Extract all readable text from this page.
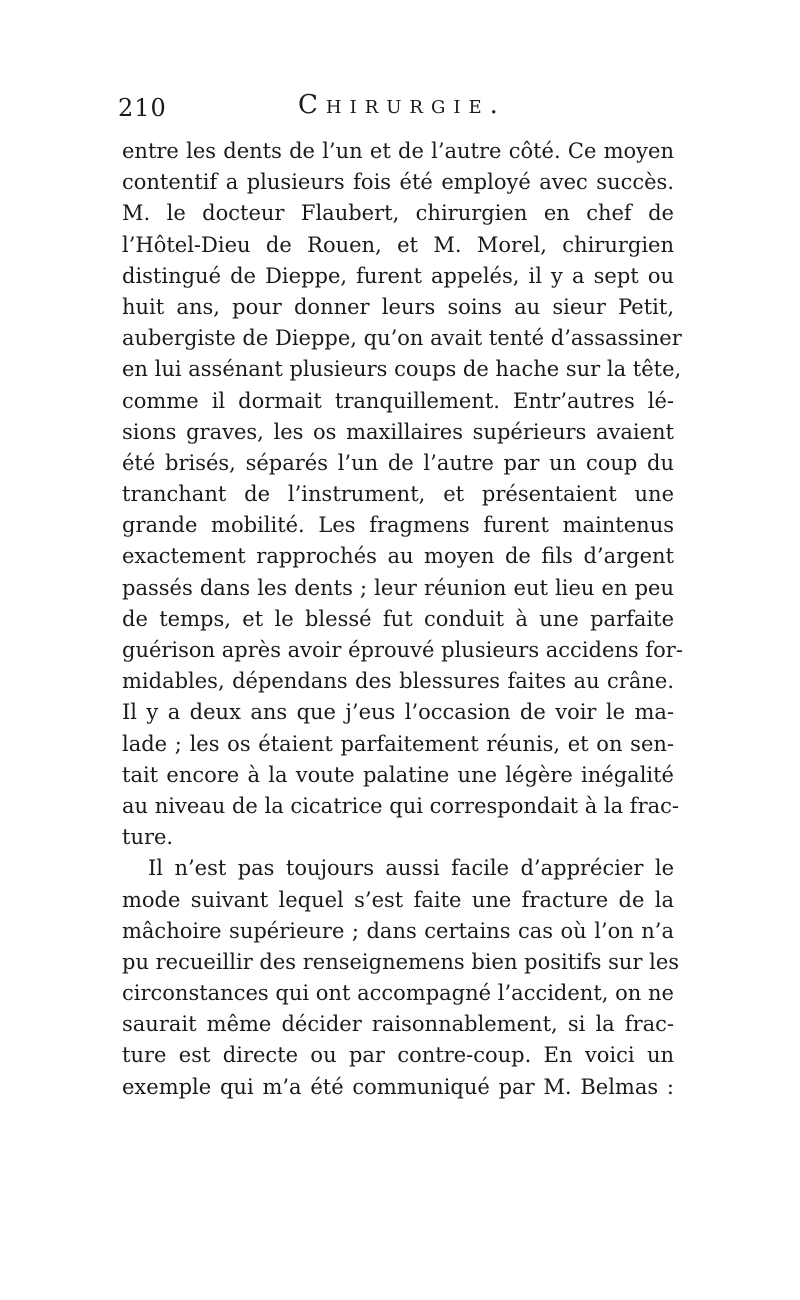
210	Chirurgie.
entre les dents de l’un et de l’autre côté. Ce moyen
contentif a plusieurs fois été employé avec succès.
M. le docteur Flaubert, chirurgien en chef de
l’Hôtel-Dieu de Rouen, et M. Morel, chirurgien
distingué de Dieppe, furent appelés, il y a sept ou
huit ans, pour donner leurs soins au sieur Petit,
aubergiste de Dieppe, qu’on avait tenté d’assassiner
en lui assénant plusieurs coups de hache sur la tête,
comme il dormait tranquillement. Entr’autres lé-
sions graves, les os maxillaires supérieurs avaient
été brisés, séparés l’un de l’autre par un coup du
tranchant de l’instrument, et présentaient une
grande mobilité. Les fragmens furent maintenus
exactement rapprochés au moyen de fils d’argent
passés dans les dents ; leur réunion eut lieu en peu
de temps, et le blessé fut conduit à une parfaite
guérison après avoir éprouvé plusieurs accidens for-
midables, dépendans des blessures faites au crâne.
Il y a deux ans que j’eus l’occasion de voir le ma-
lade ; les os étaient parfaitement réunis, et on sen-
tait encore à la voute palatine une légère inégalité
au niveau de la cicatrice qui correspondait à la frac-
ture.
Il n’est pas toujours aussi facile d’apprécier le
mode suivant lequel s’est faite une fracture de la
mâchoire supérieure ; dans certains cas où l’on n’a
pu recueillir des renseignemens bien positifs sur les
circonstances qui ont accompagné l’accident, on ne
saurait même décider raisonnablement, si la frac-
ture est directe ou par contre-coup. En voici un
exemple qui m’a été communiqué par M. Belmas :
